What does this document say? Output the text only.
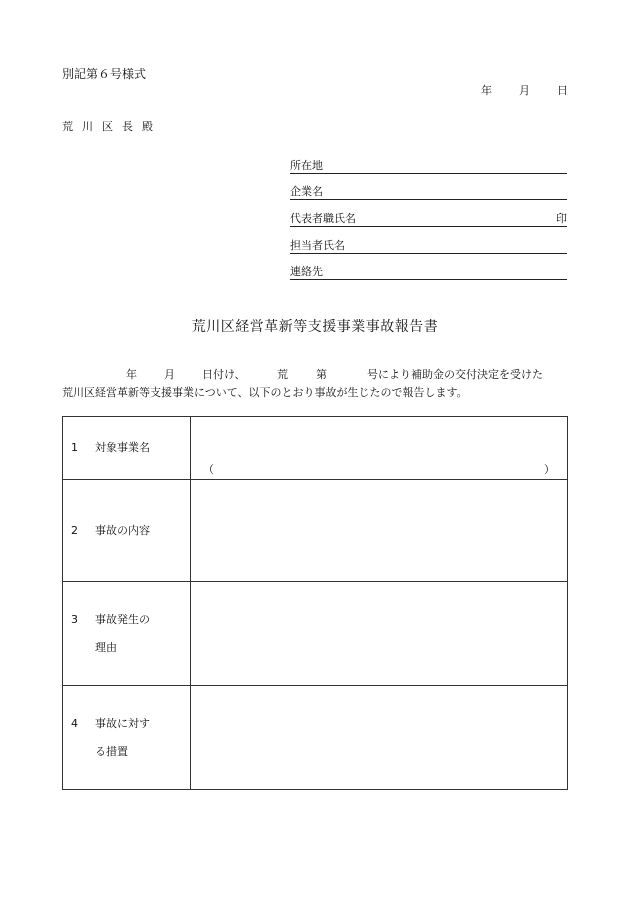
別記第６号様式
年 月 日
荒川区長殿
所在地
企業名
代表者職氏名	印
担当者氏名
連絡先
荒川区経営革新等支援事業事故報告書
年 月 日付け、	荒	第	号により補助金の交付決定を受けた
荒川区経営革新等支援事業について、以下のとおり事故が生じたので報告します。
1 対象事業名	（ ）

2 事故の内容	

3 事故発生の
理由	

4 事故に対す
る措置	
